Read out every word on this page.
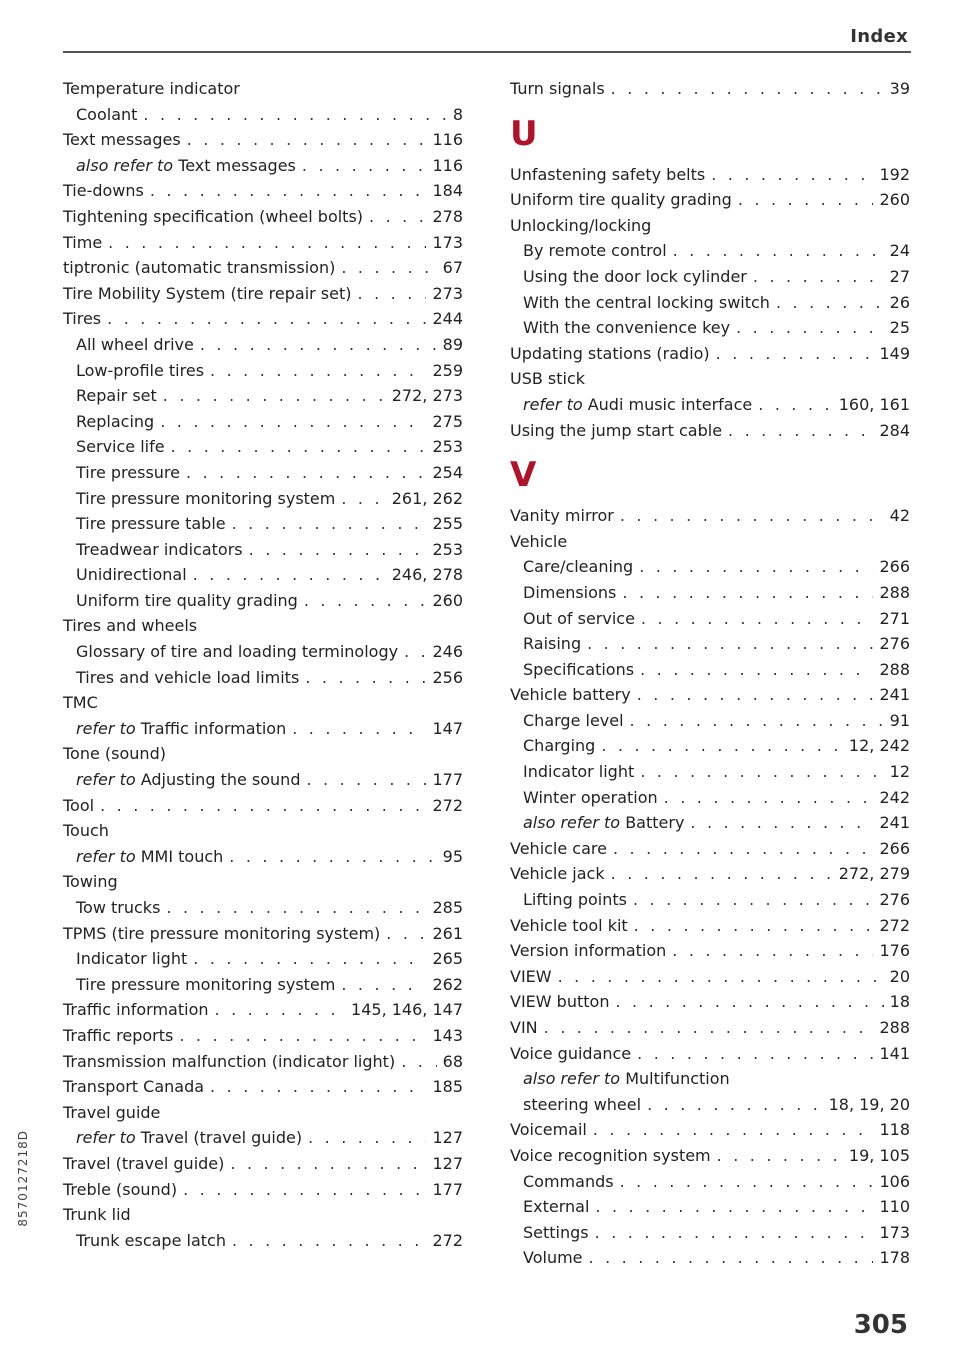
Index
Temperature indicator
Coolant . . .	8
Text messages . . .	116
also refer to Text messages . . .	116
Tie-downs . . .	184
Tightening specification (wheel bolts) . . .	278
Time . . .	173
tiptronic (automatic transmission) . . .	67
Tire Mobility System (tire repair set) . . .	273
Tires . . .	244
All wheel drive . . .	89
Low-profile tires . . .	259
Repair set . . .	272, 273
Replacing . . .	275
Service life . . .	253
Tire pressure . . .	254
Tire pressure monitoring system . . .	261, 262
Tire pressure table . . .	255
Treadwear indicators . . .	253
Unidirectional . . .	246, 278
Uniform tire quality grading . . .	260
Tires and wheels
Glossary of tire and loading terminology . . . 246
Tires and vehicle load limits . . .	256
TMC
refer to Traffic information . . .	147
Tone (sound)
refer to Adjusting the sound . . .	177
Tool . . .	272
Touch
refer to MMI touch . . .	95
Towing
Tow trucks . . .	285
TPMS (tire pressure monitoring system) . . .	261
Indicator light . . .	265
Tire pressure monitoring system . . .	262
Traffic information . . .	145, 146, 147
Traffic reports . . .	143
Transmission malfunction (indicator light) . . .	68
Transport Canada . . .	185
Travel guide
refer to Travel (travel guide) . . .	127
Travel (travel guide) . . .	127
Treble (sound) . . .	177
Trunk lid
Trunk escape latch . . .	272
Turn signals . . .	39
U
Unfastening safety belts . . .	192
Uniform tire quality grading . . .	260
Unlocking/locking
By remote control . . .	24
Using the door lock cylinder . . .	27
With the central locking switch . . .	26
With the convenience key . . .	25
Updating stations (radio) . . .	149
USB stick
refer to Audi music interface . . .	160, 161
Using the jump start cable . . .	284
V
Vanity mirror . . .	42
Vehicle
Care/cleaning . . .	266
Dimensions . . .	288
Out of service . . .	271
Raising . . .	276
Specifications . . .	288
Vehicle battery . . .	241
Charge level . . .	91
Charging . . .	12, 242
Indicator light . . .	12
Winter operation . . .	242
also refer to Battery . . .	241
Vehicle care . . .	266
Vehicle jack . . .	272, 279
Lifting points . . .	276
Vehicle tool kit . . .	272
Version information . . .	176
VIEW . . .	20
VIEW button . . .	18
VIN . . .	288
Voice guidance . . .	141
also refer to Multifunction
steering wheel . . .	18, 19, 20
Voicemail . . .	118
Voice recognition system . . .	19, 105
Commands . . .	106
External . . .	110
Settings . . .	173
Volume . . .	178
8570127218D
305
